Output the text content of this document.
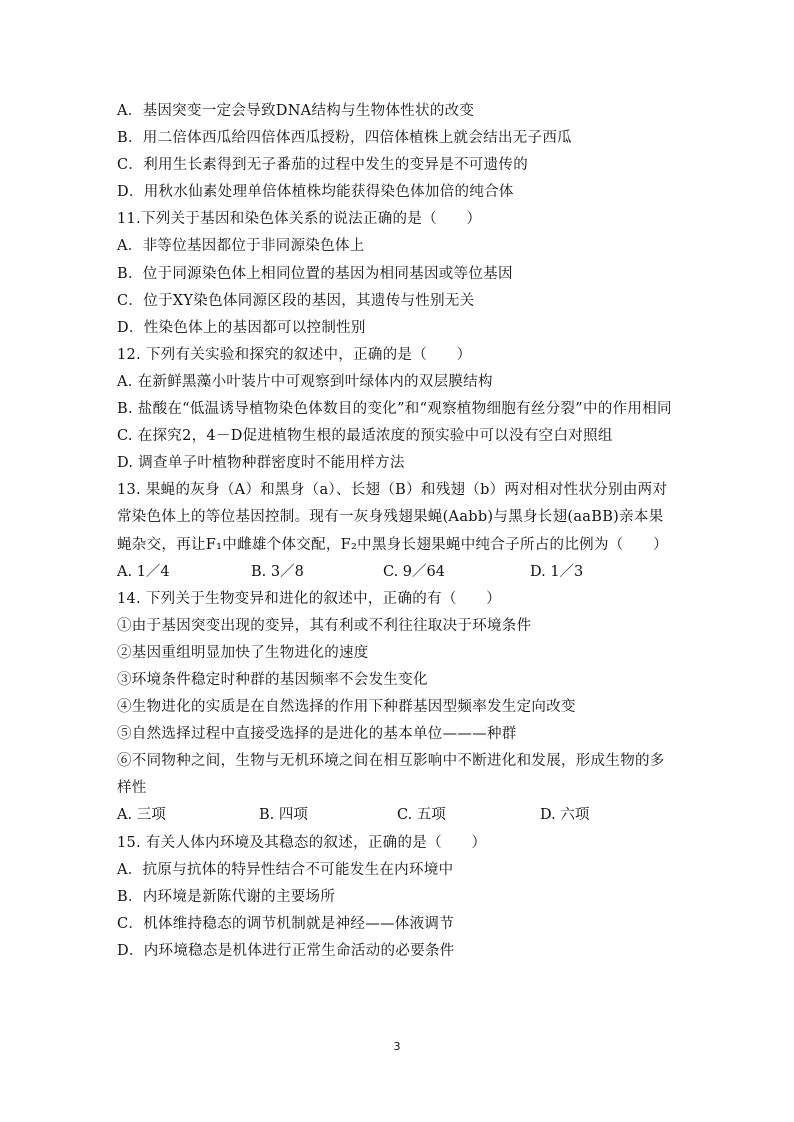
A．基因突变一定会导致DNA结构与生物体性状的改变
B．用二倍体西瓜给四倍体西瓜授粉，四倍体植株上就会结出无子西瓜
C．利用生长素得到无子番茄的过程中发生的变异是不可遗传的
D．用秋水仙素处理单倍体植株均能获得染色体加倍的纯合体
11.下列关于基因和染色体关系的说法正确的是（　　）
A．非等位基因都位于非同源染色体上
B．位于同源染色体上相同位置的基因为相同基因或等位基因
C．位于XY染色体同源区段的基因，其遗传与性别无关
D．性染色体上的基因都可以控制性别
12. 下列有关实验和探究的叙述中，正确的是（　　）
A. 在新鲜黑藻小叶装片中可观察到叶绿体内的双层膜结构
B. 盐酸在“低温诱导植物染色体数目的变化”和“观察植物细胞有丝分裂”中的作用相同
C. 在探究2，4－D促进植物生根的最适浓度的预实验中可以没有空白对照组
D. 调查单子叶植物种群密度时不能用样方法
13. 果蝇的灰身（A）和黑身（a）、长翅（B）和残翅（b）两对相对性状分别由两对常染色体上的等位基因控制。现有一灰身残翅果蝇(Aabb)与黑身长翅(aaBB)亲本果蝇杂交，再让F₁中雌雄个体交配，F₂中黑身长翅果蝇中纯合子所占的比例为（　　）
A. 1／4	B. 3／8	C. 9／64	D. 1／3
14. 下列关于生物变异和进化的叙述中，正确的有（　　）
①由于基因突变出现的变异，其有利或不利往往取决于环境条件
②基因重组明显加快了生物进化的速度
③环境条件稳定时种群的基因频率不会发生变化
④生物进化的实质是在自然选择的作用下种群基因型频率发生定向改变
⑤自然选择过程中直接受选择的是进化的基本单位———种群
⑥不同物种之间，生物与无机环境之间在相互影响中不断进化和发展，形成生物的多样性
A. 三项	B. 四项	C. 五项	D. 六项
15. 有关人体内环境及其稳态的叙述，正确的是（　　）
A．抗原与抗体的特异性结合不可能发生在内环境中
B．内环境是新陈代谢的主要场所
C．机体维持稳态的调节机制就是神经——体液调节
D．内环境稳态是机体进行正常生命活动的必要条件
3
